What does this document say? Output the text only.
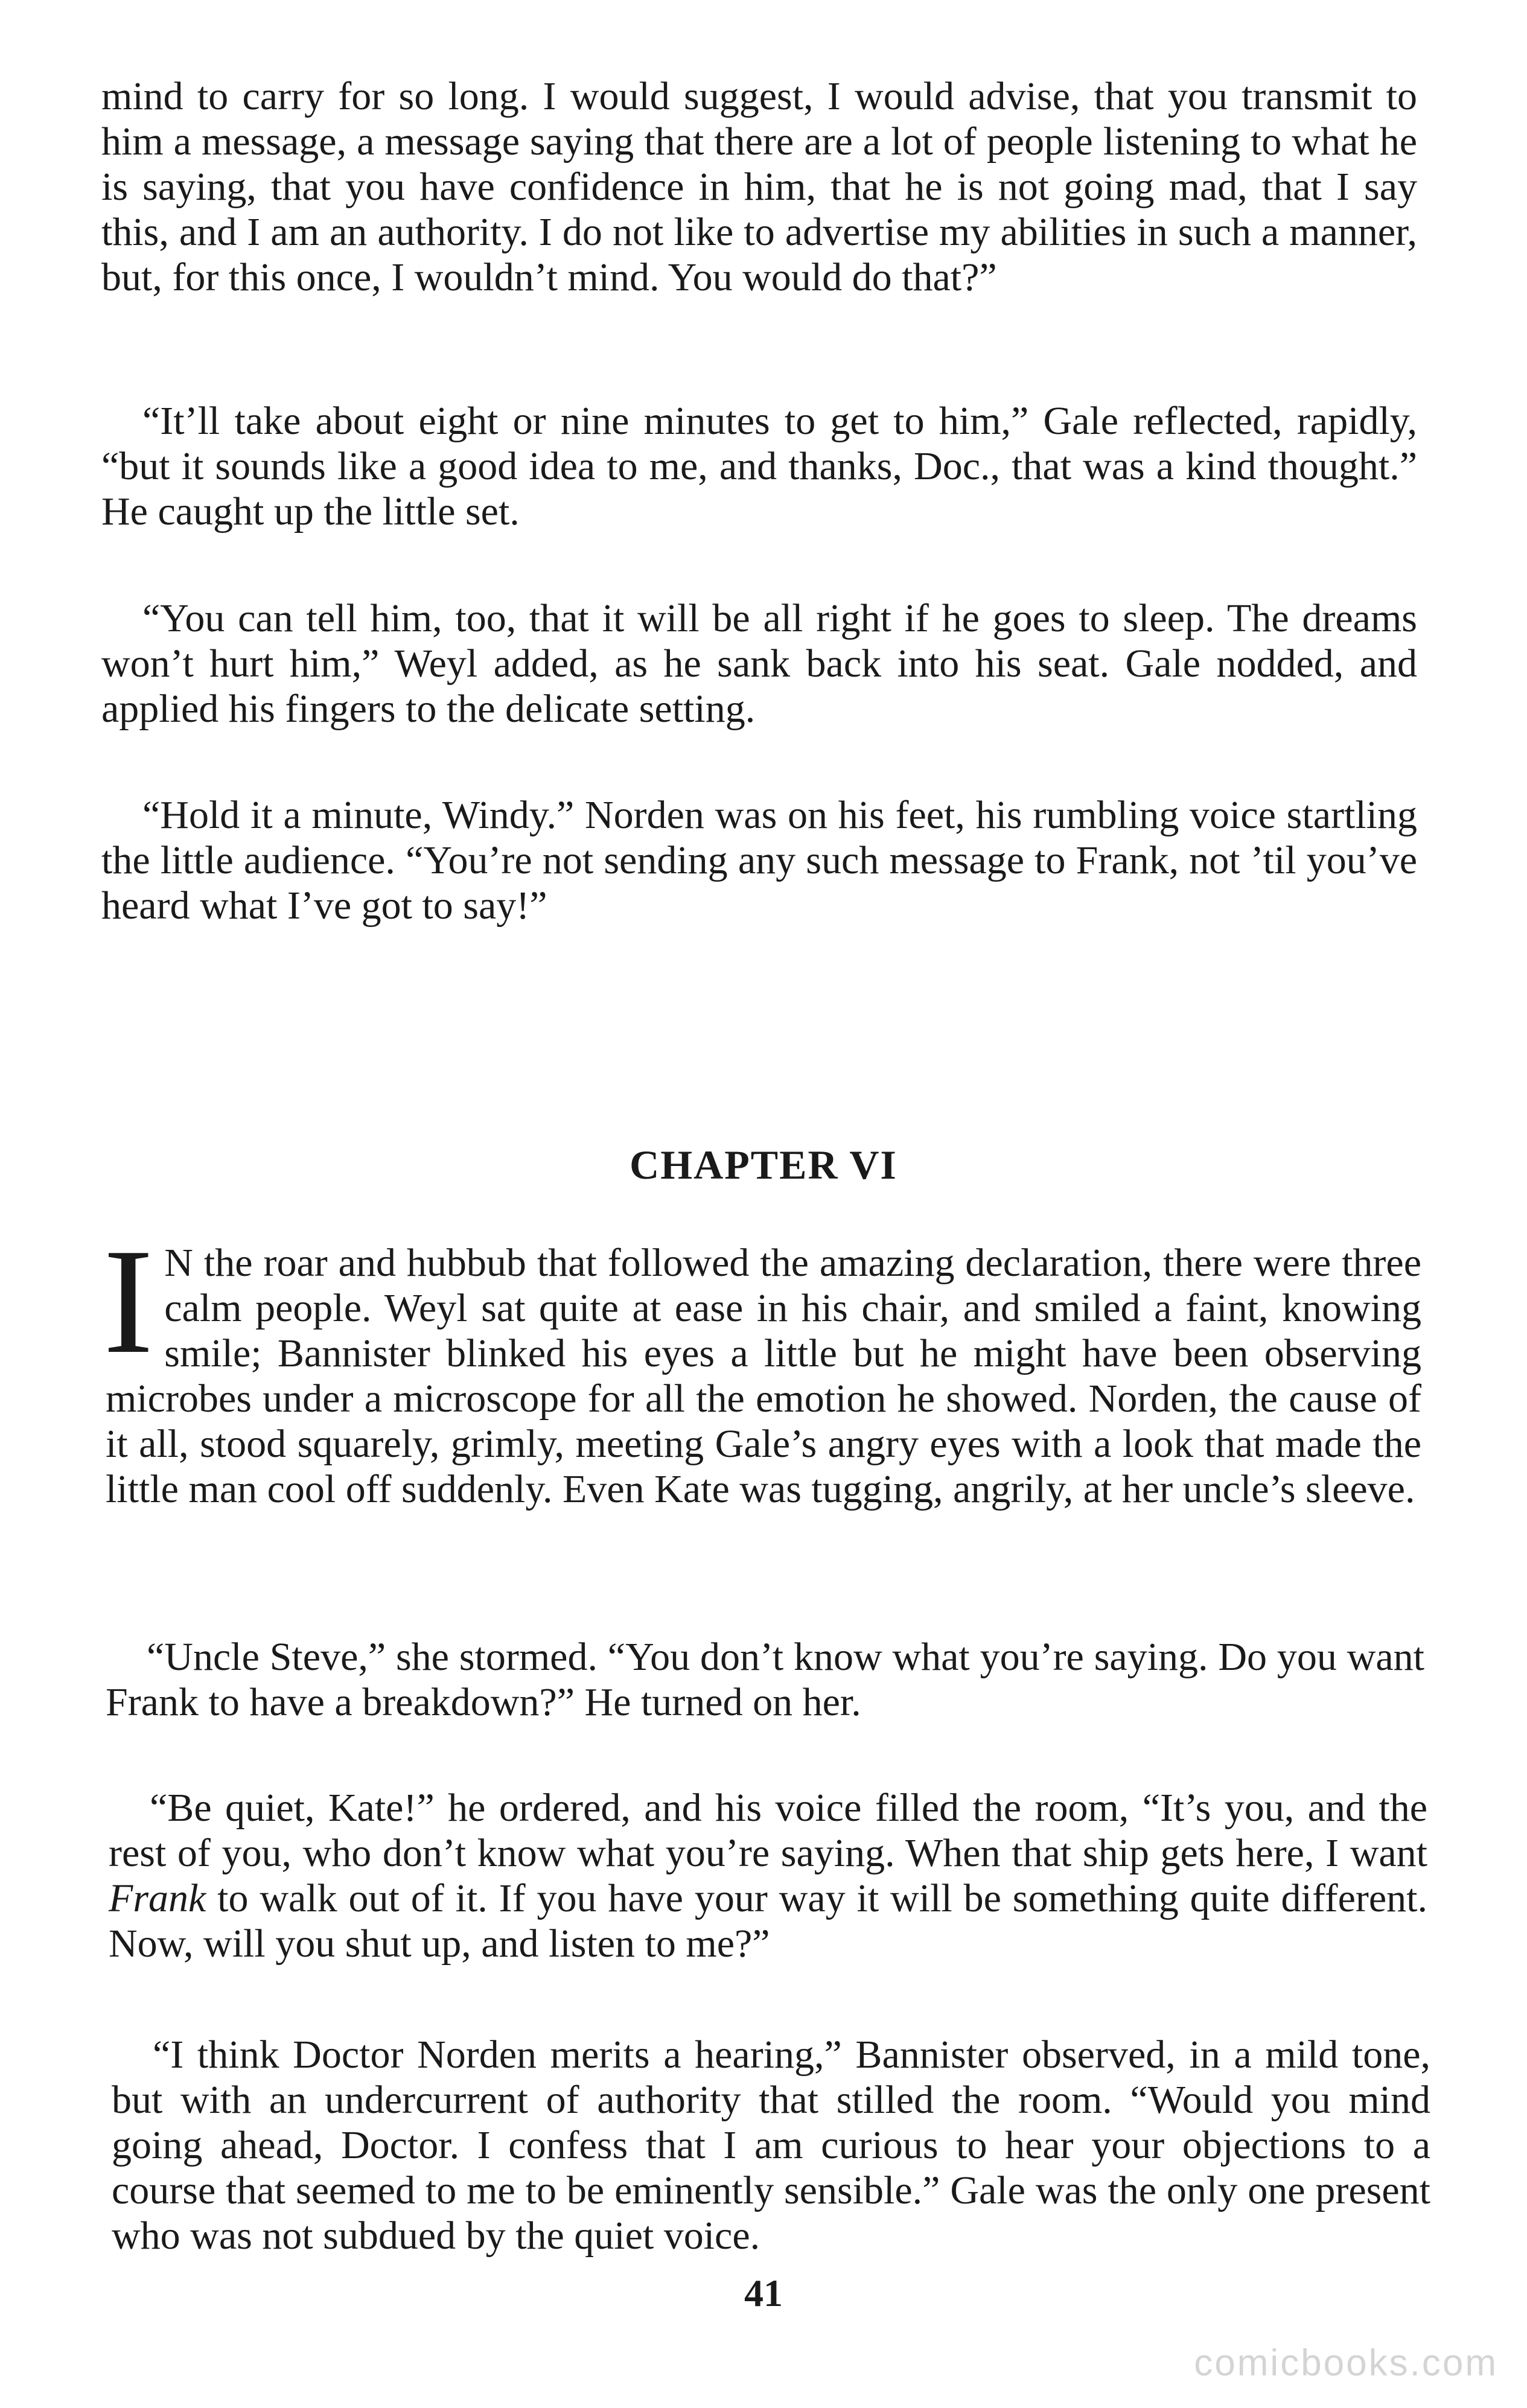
mind to carry for so long. I would suggest, I would advise, that you transmit to him a message, a message saying that there are a lot of people listening to what he is saying, that you have confidence in him, that he is not going mad, that I say this, and I am an authority. I do not like to advertise my abilities in such a manner, but, for this once, I wouldn’t mind. You would do that?”

“It’ll take about eight or nine minutes to get to him,” Gale reflected, rapidly, “but it sounds like a good idea to me, and thanks, Doc., that was a kind thought.” He caught up the little set.

“You can tell him, too, that it will be all right if he goes to sleep. The dreams won’t hurt him,” Weyl added, as he sank back into his seat. Gale nodded, and applied his fingers to the delicate setting.

“Hold it a minute, Windy.” Norden was on his feet, his rumbling voice startling the little audience. “You’re not sending any such message to Frank, not ’til you’ve heard what I’ve got to say!”

CHAPTER VI

I N the roar and hubbub that followed the amazing declaration, there were three calm people. Weyl sat quite at ease in his chair, and smiled a faint, knowing smile; Bannister blinked his eyes a little but he might have been observing microbes under a microscope for all the emotion he showed. Norden, the cause of it all, stood squarely, grimly, meeting Gale’s angry eyes with a look that made the little man cool off suddenly. Even Kate was tugging, angrily, at her uncle’s sleeve.

“Uncle Steve,” she stormed. “You don’t know what you’re saying. Do you want Frank to have a breakdown?” He turned on her.

“Be quiet, Kate!” he ordered, and his voice filled the room, “It’s you, and the rest of you, who don’t know what you’re saying. When that ship gets here, I want Frank to walk out of it. If you have your way it will be something quite different. Now, will you shut up, and listen to me?”

“I think Doctor Norden merits a hearing,” Bannister observed, in a mild tone, but with an undercurrent of authority that stilled the room. “Would you mind going ahead, Doctor. I confess that I am curious to hear your objections to a course that seemed to me to be eminently sensible.” Gale was the only one present who was not subdued by the quiet voice.

41
comicbooks.com
